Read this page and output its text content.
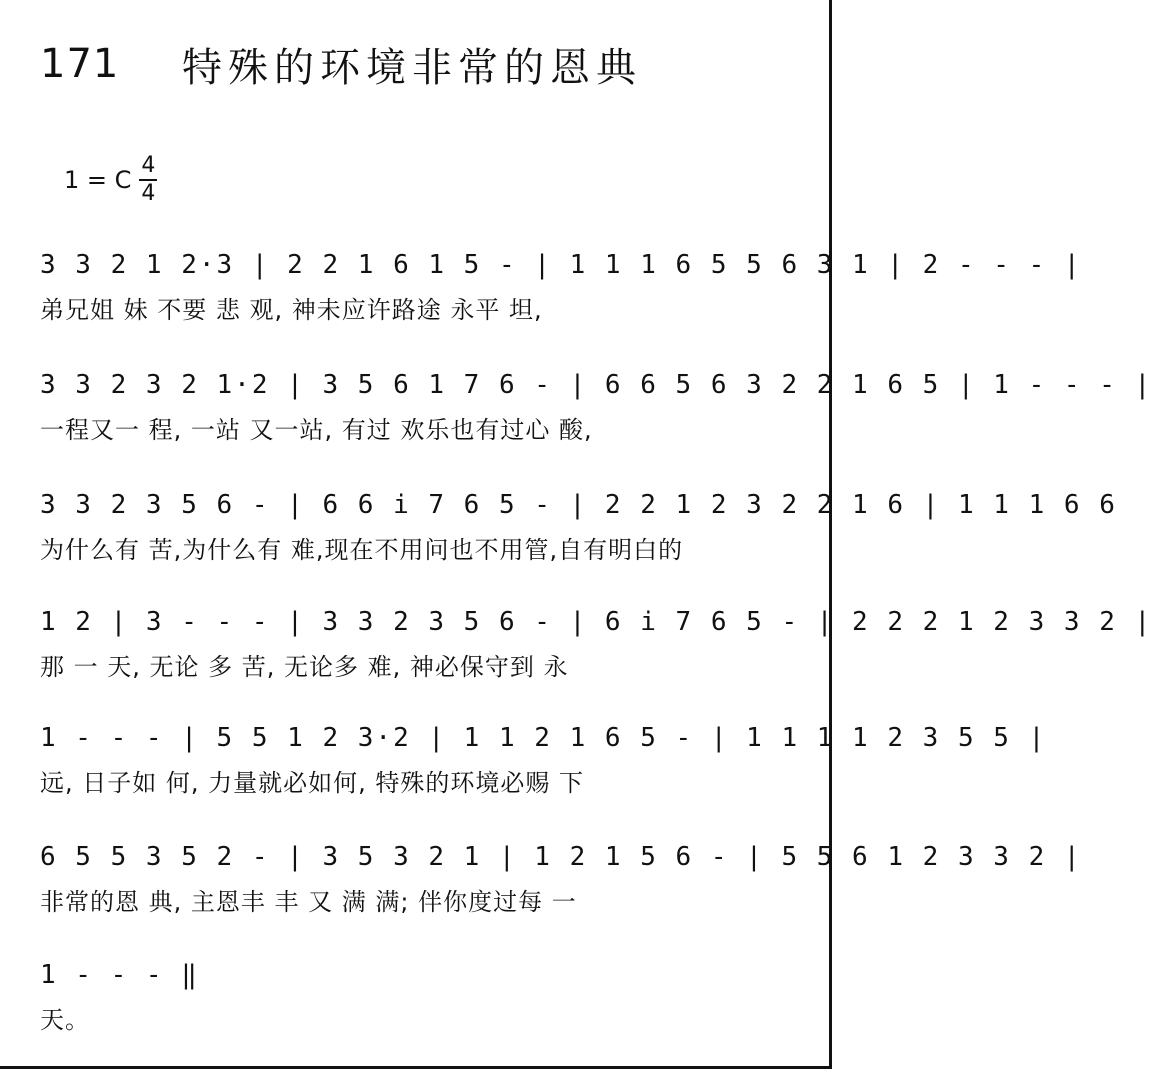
171	特殊的环境非常的恩典
1 = C
4
4
3 3 2 1 2·3 | 2 2 1 6 1 5 - | 1 1 1 6 5 5 6 3 1 | 2 - - - |
弟兄姐 妹 不要 悲 观, 神未应许路途 永平 坦,
3 3 2 3 2 1·2 | 3 5 6 1 7 6 - | 6 6 5 6 3 2 2 1 6 5 | 1 - - - |
一程又一 程, 一站 又一站, 有过 欢乐也有过心 酸,
3 3 2 3 5 6 - | 6 6 i 7 6 5 - | 2 2 1 2 3 2 2 1 6 | 1 1 1 6 6
为什么有 苦,为什么有 难,现在不用问也不用管,自有明白的
1 2 | 3 - - - | 3 3 2 3 5 6 - | 6 i 7 6 5 - | 2 2 2 1 2 3 3 2 |
那 一 天, 无论 多 苦, 无论多 难, 神必保守到 永
1 - - - | 5 5 1 2 3·2 | 1 1 2 1 6 5 - | 1 1 1 1 2 3 5 5 |
远, 日子如 何, 力量就必如何, 特殊的环境必赐 下
6 5 5 3 5 2 - | 3 5 3 2 1 | 1 2 1 5 6 - | 5 5 6 1 2 3 3 2 |
非常的恩 典, 主恩丰 丰 又 满 满; 伴你度过每 一
1 - - - ‖
天。
